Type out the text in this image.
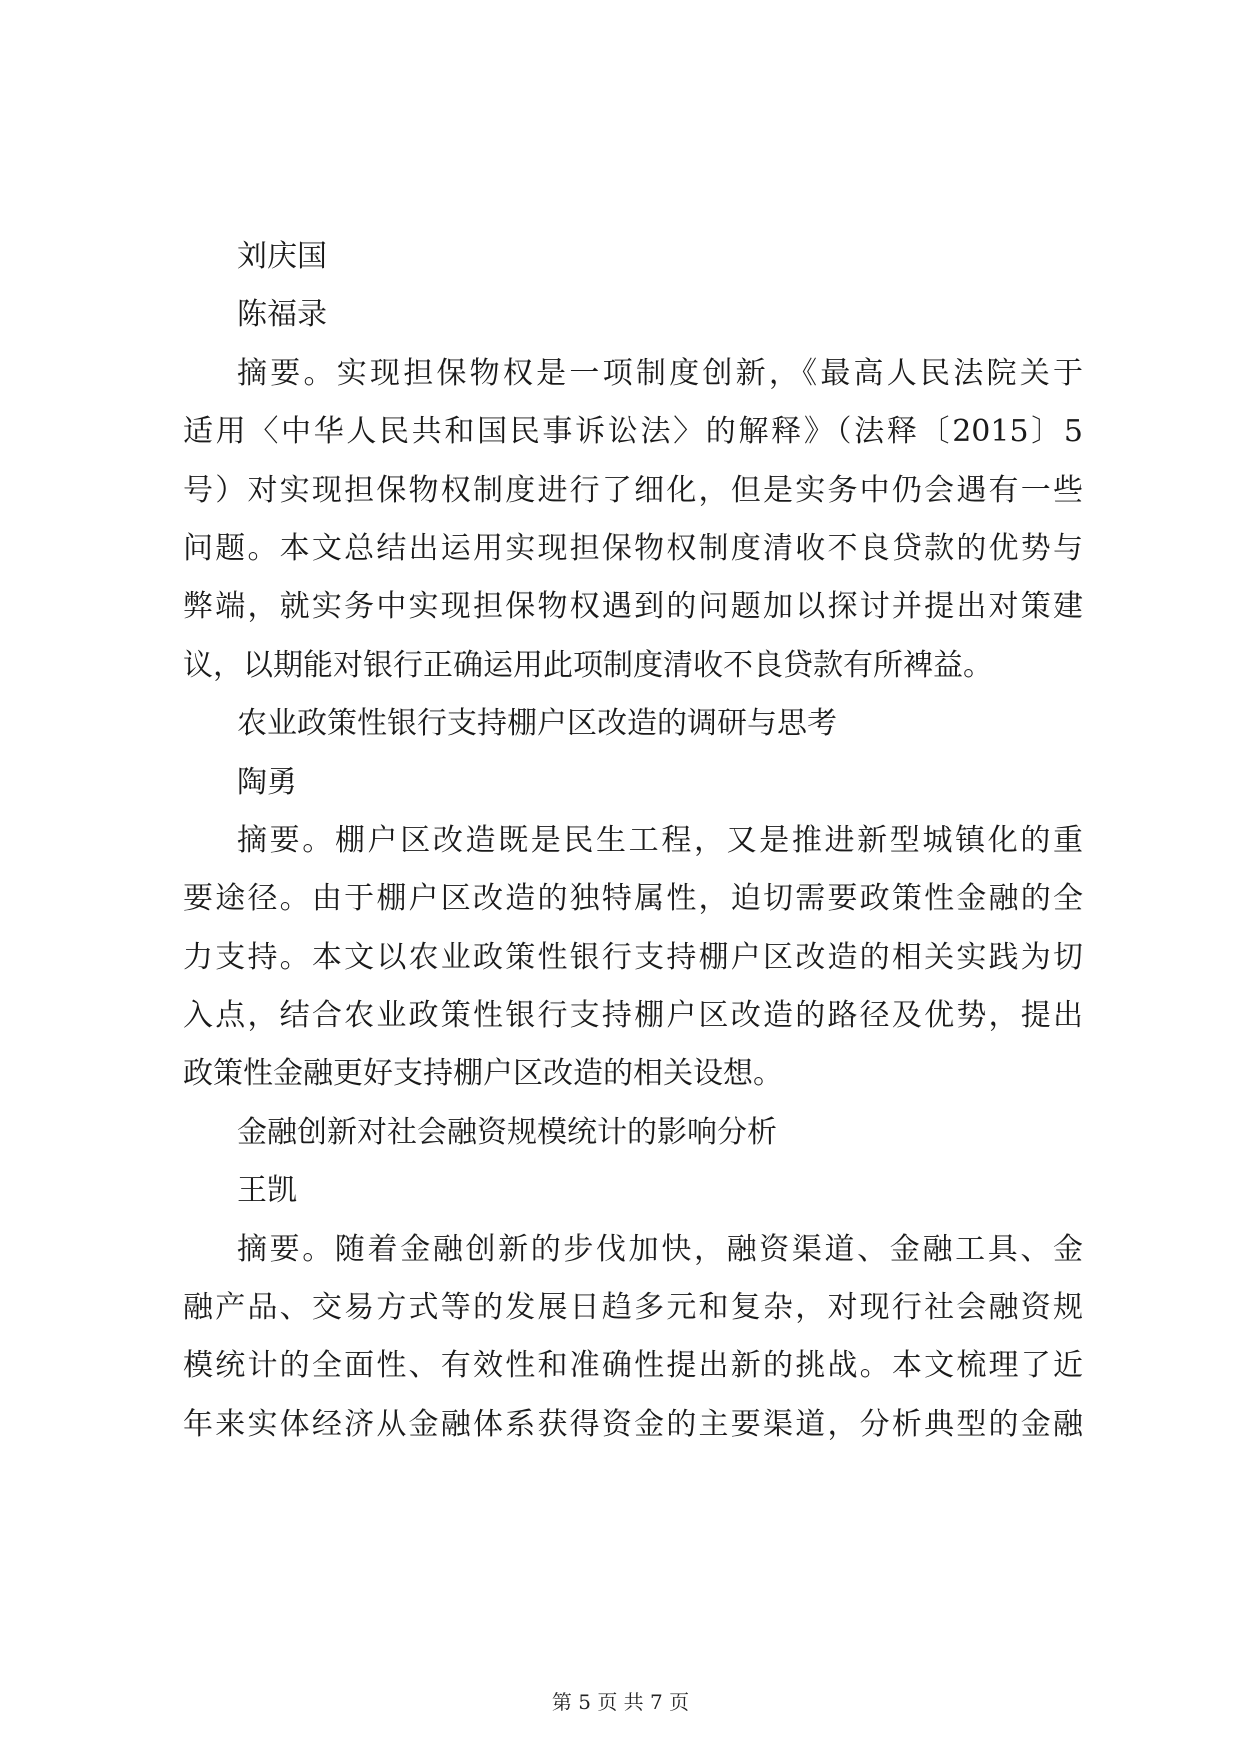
刘庆国
陈福录
摘要。实现担保物权是一项制度创新，《最高人民法院关于
适用〈中华人民共和国民事诉讼法〉的解释》（法释〔2015〕5
号）对实现担保物权制度进行了细化，但是实务中仍会遇有一些
问题。本文总结出运用实现担保物权制度清收不良贷款的优势与
弊端，就实务中实现担保物权遇到的问题加以探讨并提出对策建
议，以期能对银行正确运用此项制度清收不良贷款有所裨益。
农业政策性银行支持棚户区改造的调研与思考
陶勇
摘要。棚户区改造既是民生工程，又是推进新型城镇化的重
要途径。由于棚户区改造的独特属性，迫切需要政策性金融的全
力支持。本文以农业政策性银行支持棚户区改造的相关实践为切
入点，结合农业政策性银行支持棚户区改造的路径及优势，提出
政策性金融更好支持棚户区改造的相关设想。
金融创新对社会融资规模统计的影响分析
王凯
摘要。随着金融创新的步伐加快，融资渠道、金融工具、金
融产品、交易方式等的发展日趋多元和复杂，对现行社会融资规
模统计的全面性、有效性和准确性提出新的挑战。本文梳理了近
年来实体经济从金融体系获得资金的主要渠道，分析典型的金融
第 5 页 共 7 页
